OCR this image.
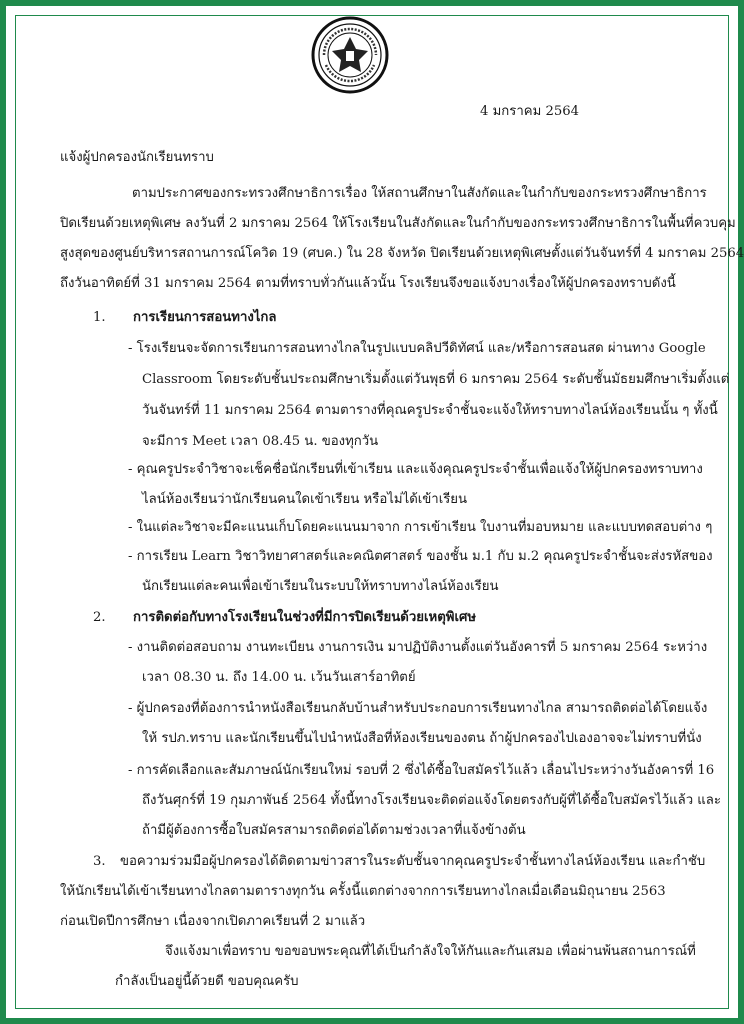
4 มกราคม 2564
แจ้งผู้ปกครองนักเรียนทราบ
ตามประกาศของกระทรวงศึกษาธิการเรื่อง ให้สถานศึกษาในสังกัดและในกำกับของกระทรวงศึกษาธิการ
ปิดเรียนด้วยเหตุพิเศษ ลงวันที่ 2 มกราคม 2564 ให้โรงเรียนในสังกัดและในกำกับของกระทรวงศึกษาธิการในพื้นที่ควบคุม
สูงสุดของศูนย์บริหารสถานการณ์โควิด 19 (ศบค.) ใน 28 จังหวัด ปิดเรียนด้วยเหตุพิเศษตั้งแต่วันจันทร์ที่ 4 มกราคม 2564
ถึงวันอาทิตย์ที่ 31 มกราคม 2564 ตามที่ทราบทั่วกันแล้วนั้น โรงเรียนจึงขอแจ้งบางเรื่องให้ผู้ปกครองทราบดังนี้
1. การเรียนการสอนทางไกล
- โรงเรียนจะจัดการเรียนการสอนทางไกลในรูปแบบคลิปวีดิทัศน์ และ/หรือการสอนสด ผ่านทาง Google
Classroom โดยระดับชั้นประถมศึกษาเริ่มตั้งแต่วันพุธที่ 6 มกราคม 2564 ระดับชั้นมัธยมศึกษาเริ่มตั้งแต่
วันจันทร์ที่ 11 มกราคม 2564 ตามตารางที่คุณครูประจำชั้นจะแจ้งให้ทราบทางไลน์ห้องเรียนนั้น ๆ ทั้งนี้
จะมีการ Meet เวลา 08.45 น. ของทุกวัน
- คุณครูประจำวิชาจะเช็คชื่อนักเรียนที่เข้าเรียน และแจ้งคุณครูประจำชั้นเพื่อแจ้งให้ผู้ปกครองทราบทาง
ไลน์ห้องเรียนว่านักเรียนคนใดเข้าเรียน หรือไม่ได้เข้าเรียน
- ในแต่ละวิชาจะมีคะแนนเก็บโดยคะแนนมาจาก การเข้าเรียน ใบงานที่มอบหมาย และแบบทดสอบต่าง ๆ
- การเรียน Learn วิชาวิทยาศาสตร์และคณิตศาสตร์ ของชั้น ม.1 กับ ม.2 คุณครูประจำชั้นจะส่งรหัสของ
นักเรียนแต่ละคนเพื่อเข้าเรียนในระบบให้ทราบทางไลน์ห้องเรียน
2. การติดต่อกับทางโรงเรียนในช่วงที่มีการปิดเรียนด้วยเหตุพิเศษ
- งานติดต่อสอบถาม งานทะเบียน งานการเงิน มาปฏิบัติงานตั้งแต่วันอังคารที่ 5 มกราคม 2564 ระหว่าง
เวลา 08.30 น. ถึง 14.00 น. เว้นวันเสาร์อาทิตย์
- ผู้ปกครองที่ต้องการนำหนังสือเรียนกลับบ้านสำหรับประกอบการเรียนทางไกล สามารถติดต่อได้โดยแจ้ง
ให้ รปภ.ทราบ และนักเรียนขึ้นไปนำหนังสือที่ห้องเรียนของตน ถ้าผู้ปกครองไปเองอาจจะไม่ทราบที่นั่ง
- การคัดเลือกและสัมภาษณ์นักเรียนใหม่ รอบที่ 2 ซึ่งได้ซื้อใบสมัครไว้แล้ว เลื่อนไประหว่างวันอังคารที่ 16
ถึงวันศุกร์ที่ 19 กุมภาพันธ์ 2564 ทั้งนี้ทางโรงเรียนจะติดต่อแจ้งโดยตรงกับผู้ที่ได้ซื้อใบสมัครไว้แล้ว และ
ถ้ามีผู้ต้องการซื้อใบสมัครสามารถติดต่อได้ตามช่วงเวลาที่แจ้งข้างต้น
3.	ขอความร่วมมือผู้ปกครองได้ติดตามข่าวสารในระดับชั้นจากคุณครูประจำชั้นทางไลน์ห้องเรียน และกำชับ
ให้นักเรียนได้เข้าเรียนทางไกลตามตารางทุกวัน ครั้งนี้แตกต่างจากการเรียนทางไกลเมื่อเดือนมิถุนายน 2563
ก่อนเปิดปีการศึกษา เนื่องจากเปิดภาคเรียนที่ 2 มาแล้ว
จึงแจ้งมาเพื่อทราบ ขอขอบพระคุณที่ได้เป็นกำลังใจให้กันและกันเสมอ เพื่อผ่านพ้นสถานการณ์ที่
กำลังเป็นอยู่นี้ด้วยดี ขอบคุณครับ
